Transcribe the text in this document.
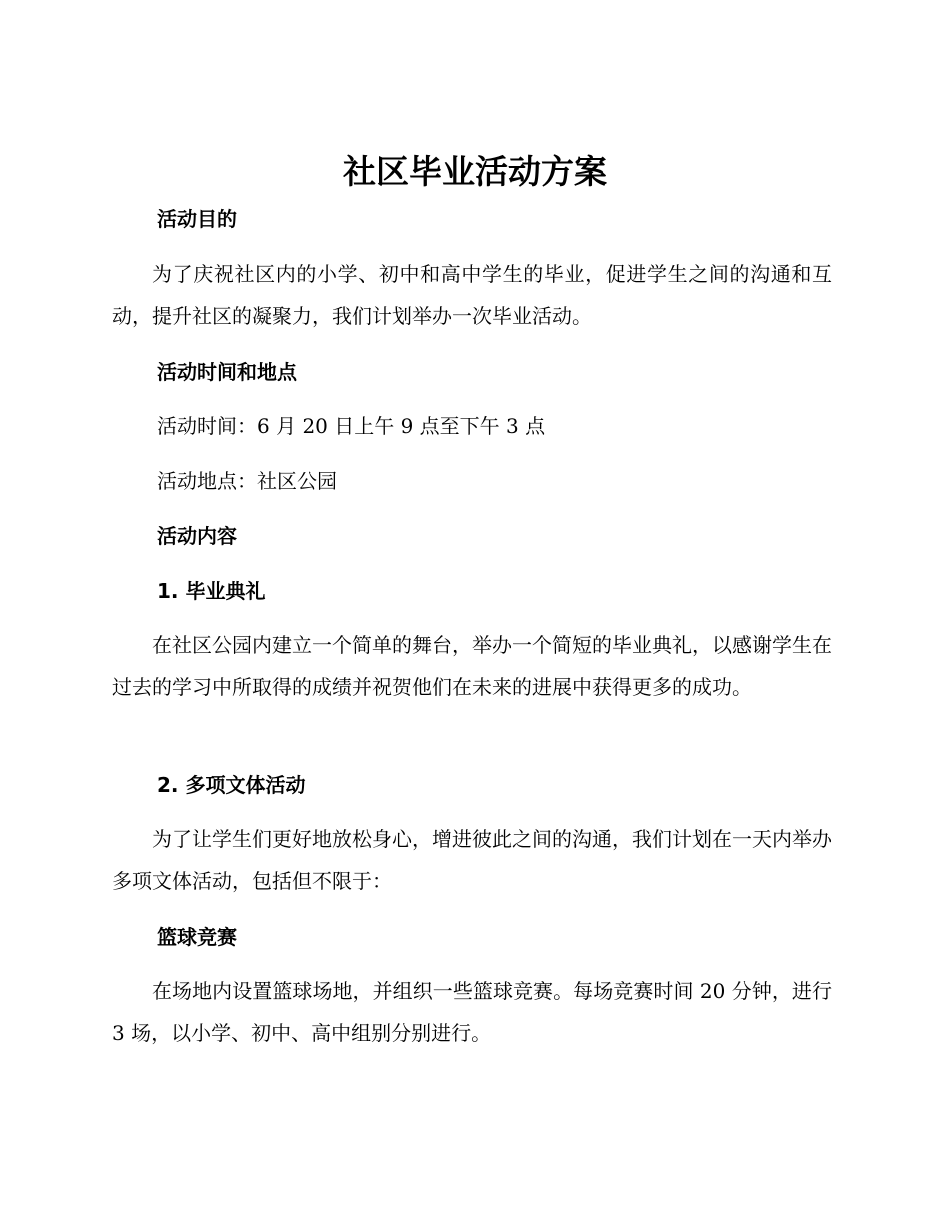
社区毕业活动方案
活动目的

为了庆祝社区内的小学、初中和高中学生的毕业，促进学生之间的沟通和互动，提升社区的凝聚力，我们计划举办一次毕业活动。

活动时间和地点

活动时间：6 月 20 日上午 9 点至下午 3 点

活动地点：社区公园

活动内容
1. 毕业典礼

在社区公园内建立一个简单的舞台，举办一个简短的毕业典礼，以感谢学生在过去的学习中所取得的成绩并祝贺他们在未来的进展中获得更多的成功。

2. 多项文体活动

为了让学生们更好地放松身心，增进彼此之间的沟通，我们计划在一天内举办多项文体活动，包括但不限于：

篮球竞赛

在场地内设置篮球场地，并组织一些篮球竞赛。每场竞赛时间 20 分钟，进行 3 场，以小学、初中、高中组别分别进行。
